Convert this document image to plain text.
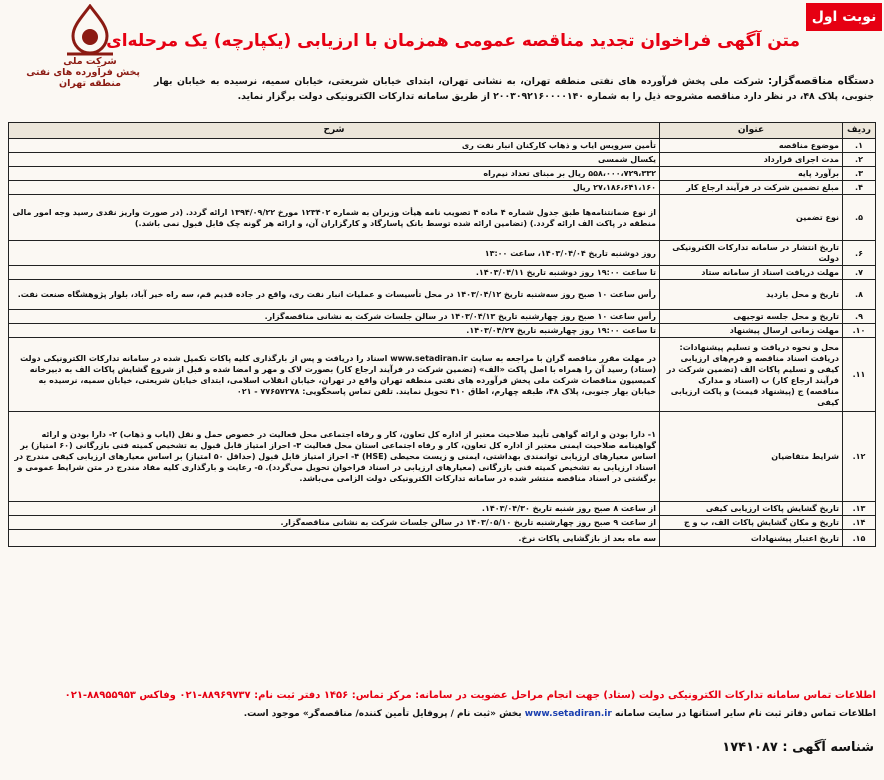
نوبت اول
متن آگهی فراخوان تجدید مناقصه عمومی همزمان با ارزیابی (یکپارچه) یک مرحله‌ای
شرکت ملی
پخش فرآورده های نفتی
منطقه تهران	دستگاه مناقصه‌گزار: شرکت ملی پخش فرآورده های نفتی منطقه تهران، به نشانی تهران، ابتدای خیابان شریعتی، خیابان سمیه، نرسیده به خیابان بهار جنوبی، پلاک ۴۸، در نظر دارد مناقصه مشروحه ذیل را به شماره ۲۰۰۳۰۹۲۱۶۰۰۰۰۱۴۰ از طریق سامانه تدارکات الکترونیکی دولت برگزار نماید.
ردیف	عنوان	شرح
۱.	موضوع مناقصه	تأمین سرویس ایاب و ذهاب کارکنان انبار نفت ری
۲.	مدت اجرای قرارداد	یکسال شمسی
۳.	برآورد پایه	۵۵۸،۰۰۰،۷۲۹،۳۳۲ ریال بر مبنای تعداد نیم‌راه
۴.	مبلغ تضمین شرکت در فرآیند ارجاع کار	۲۷،۱۸۶،۶۴۱،۱۶۰ ریال
۵.	نوع تضمین	از نوع ضمانتنامه‌ها طبق جدول شماره ۴ ماده ۴ تصویب نامه هیأت وزیران به شماره ۱۲۳۴۰۲ مورخ ۱۳۹۴/۰۹/۲۲ ارائه گردد. (در صورت واریز نقدی رسید وجه امور مالی منطقه در پاکت الف ارائه گردد.) (تضامین ارائه شده توسط بانک پاسارگاد و کارگزاران آن، و ارائه هر گونه چک قابل قبول نمی باشد.)
۶.	تاریخ انتشار در سامانه تدارکات الکترونیکی دولت	روز دوشنبه تاریخ ۱۴۰۳/۰۴/۰۴، ساعت ۱۳:۰۰
۷.	مهلت دریافت اسناد از سامانه ستاد	تا ساعت ۱۹:۰۰ روز دوشنبه تاریخ ۱۴۰۳/۰۴/۱۱.
۸.	تاریخ و محل بازدید	رأس ساعت ۱۰ صبح روز سه‌شنبه تاریخ ۱۴۰۳/۰۴/۱۲ در محل تأسیسات و عملیات انبار نفت ری، واقع در جاده قدیم قم، سه راه خیر آباد، بلوار پژوهشگاه صنعت نفت.
۹.	تاریخ و محل جلسه توجیهی	رأس ساعت ۱۰ صبح روز چهارشنبه تاریخ ۱۴۰۳/۰۴/۱۳ در سالن جلسات شرکت به نشانی مناقصه‌گزار.
۱۰.	مهلت زمانی ارسال پیشنهاد	تا ساعت ۱۹:۰۰ روز چهارشنبه تاریخ ۱۴۰۳/۰۴/۲۷.
۱۱.	محل و نحوه دریافت و تسلیم پیشنهادات: دریافت اسناد مناقصه و فرم‌های ارزیابی کیفی و تسلیم پاکات الف (تضمین شرکت در فرآیند ارجاع کار) ب (اسناد و مدارک مناقصه) ج (پیشنهاد قیمت) و پاکت ارزیابی کیفی	در مهلت مقرر مناقصه گران با مراجعه به سایت www.setadiran.ir اسناد را دریافت و پس از بارگذاری کلیه پاکات تکمیل شده در سامانه تدارکات الکترونیکی دولت (ستاد) رسید آن را همراه با اصل پاکت «الف» (تضمین شرکت در فرآیند ارجاع کار) بصورت لاک و مهر و امضا شده و قبل از شروع گشایش پاکات الف به دبیرخانه کمیسیون مناقصات شرکت ملی پخش فرآورده های نفتی منطقه تهران واقع در تهران، خیابان انقلاب اسلامی، ابتدای خیابان شریعتی، خیابان سمیه، نرسیده به خیابان بهار جنوبی، پلاک ۴۸، طبقه چهارم، اطاق ۴۱۰ تحویل نمایند. تلفن تماس پاسخگویی: ۷۷۶۵۷۲۷۸ - ۰۲۱
۱۲.	شرایط متقاضیان	۱- دارا بودن و ارائه گواهی تأیید صلاحیت معتبر از اداره کل تعاون، کار و رفاه اجتماعی محل فعالیت در خصوص حمل و نقل (ایاب و ذهاب) ۲- دارا بودن و ارائه گواهینامه صلاحیت ایمنی معتبر از اداره کل تعاون، کار و رفاه اجتماعی استان محل فعالیت ۳- احراز امتیاز قابل قبول به تشخیص کمیته فنی بازرگانی (۶۰ امتیاز) بر اساس معیارهای ارزیابی توانمندی بهداشتی، ایمنی و زیست محیطی (HSE) ۴- احراز امتیاز قابل قبول (حداقل ۵۰ امتیاز) بر اساس معیارهای ارزیابی کیفی مندرج در اسناد ارزیابی به تشخیص کمیته فنی بازرگانی (معیارهای ارزیابی در اسناد فراخوان تحویل می‌گردد). ۵- رعایت و بارگذاری کلیه مفاد مندرج در متن شرایط عمومی و برگشتی در اسناد مناقصه منتشر شده در سامانه تدارکات الکترونیکی دولت الزامی می‌باشد.
۱۳.	تاریخ گشایش پاکات ارزیابی کیفی	از ساعت ۸ صبح روز شنبه تاریخ ۱۴۰۳/۰۴/۳۰.
۱۴.	تاریخ و مکان گشایش پاکات الف، ب و ج	از ساعت ۹ صبح روز چهارشنبه تاریخ ۱۴۰۳/۰۵/۱۰ در سالن جلسات شرکت به نشانی مناقصه‌گزار.
۱۵.	تاریخ اعتبار پیشنهادات	سه ماه بعد از بازگشایی پاکات نرخ.
اطلاعات تماس سامانه تدارکات الکترونیکی دولت (ستاد) جهت انجام مراحل عضویت در سامانه: مرکز تماس: ۱۴۵۶ دفتر ثبت نام: ۸۸۹۶۹۷۳۷-۰۲۱ وفاکس ۸۸۹۵۵۹۵۳-۰۲۱
اطلاعات تماس دفاتر ثبت نام سایر استانها در سایت سامانه www.setadiran.ir بخش «ثبت نام / پروفایل تأمین کننده/ مناقصه‌گر» موجود است.
شناسه آگهی : ۱۷۴۱۰۸۷
